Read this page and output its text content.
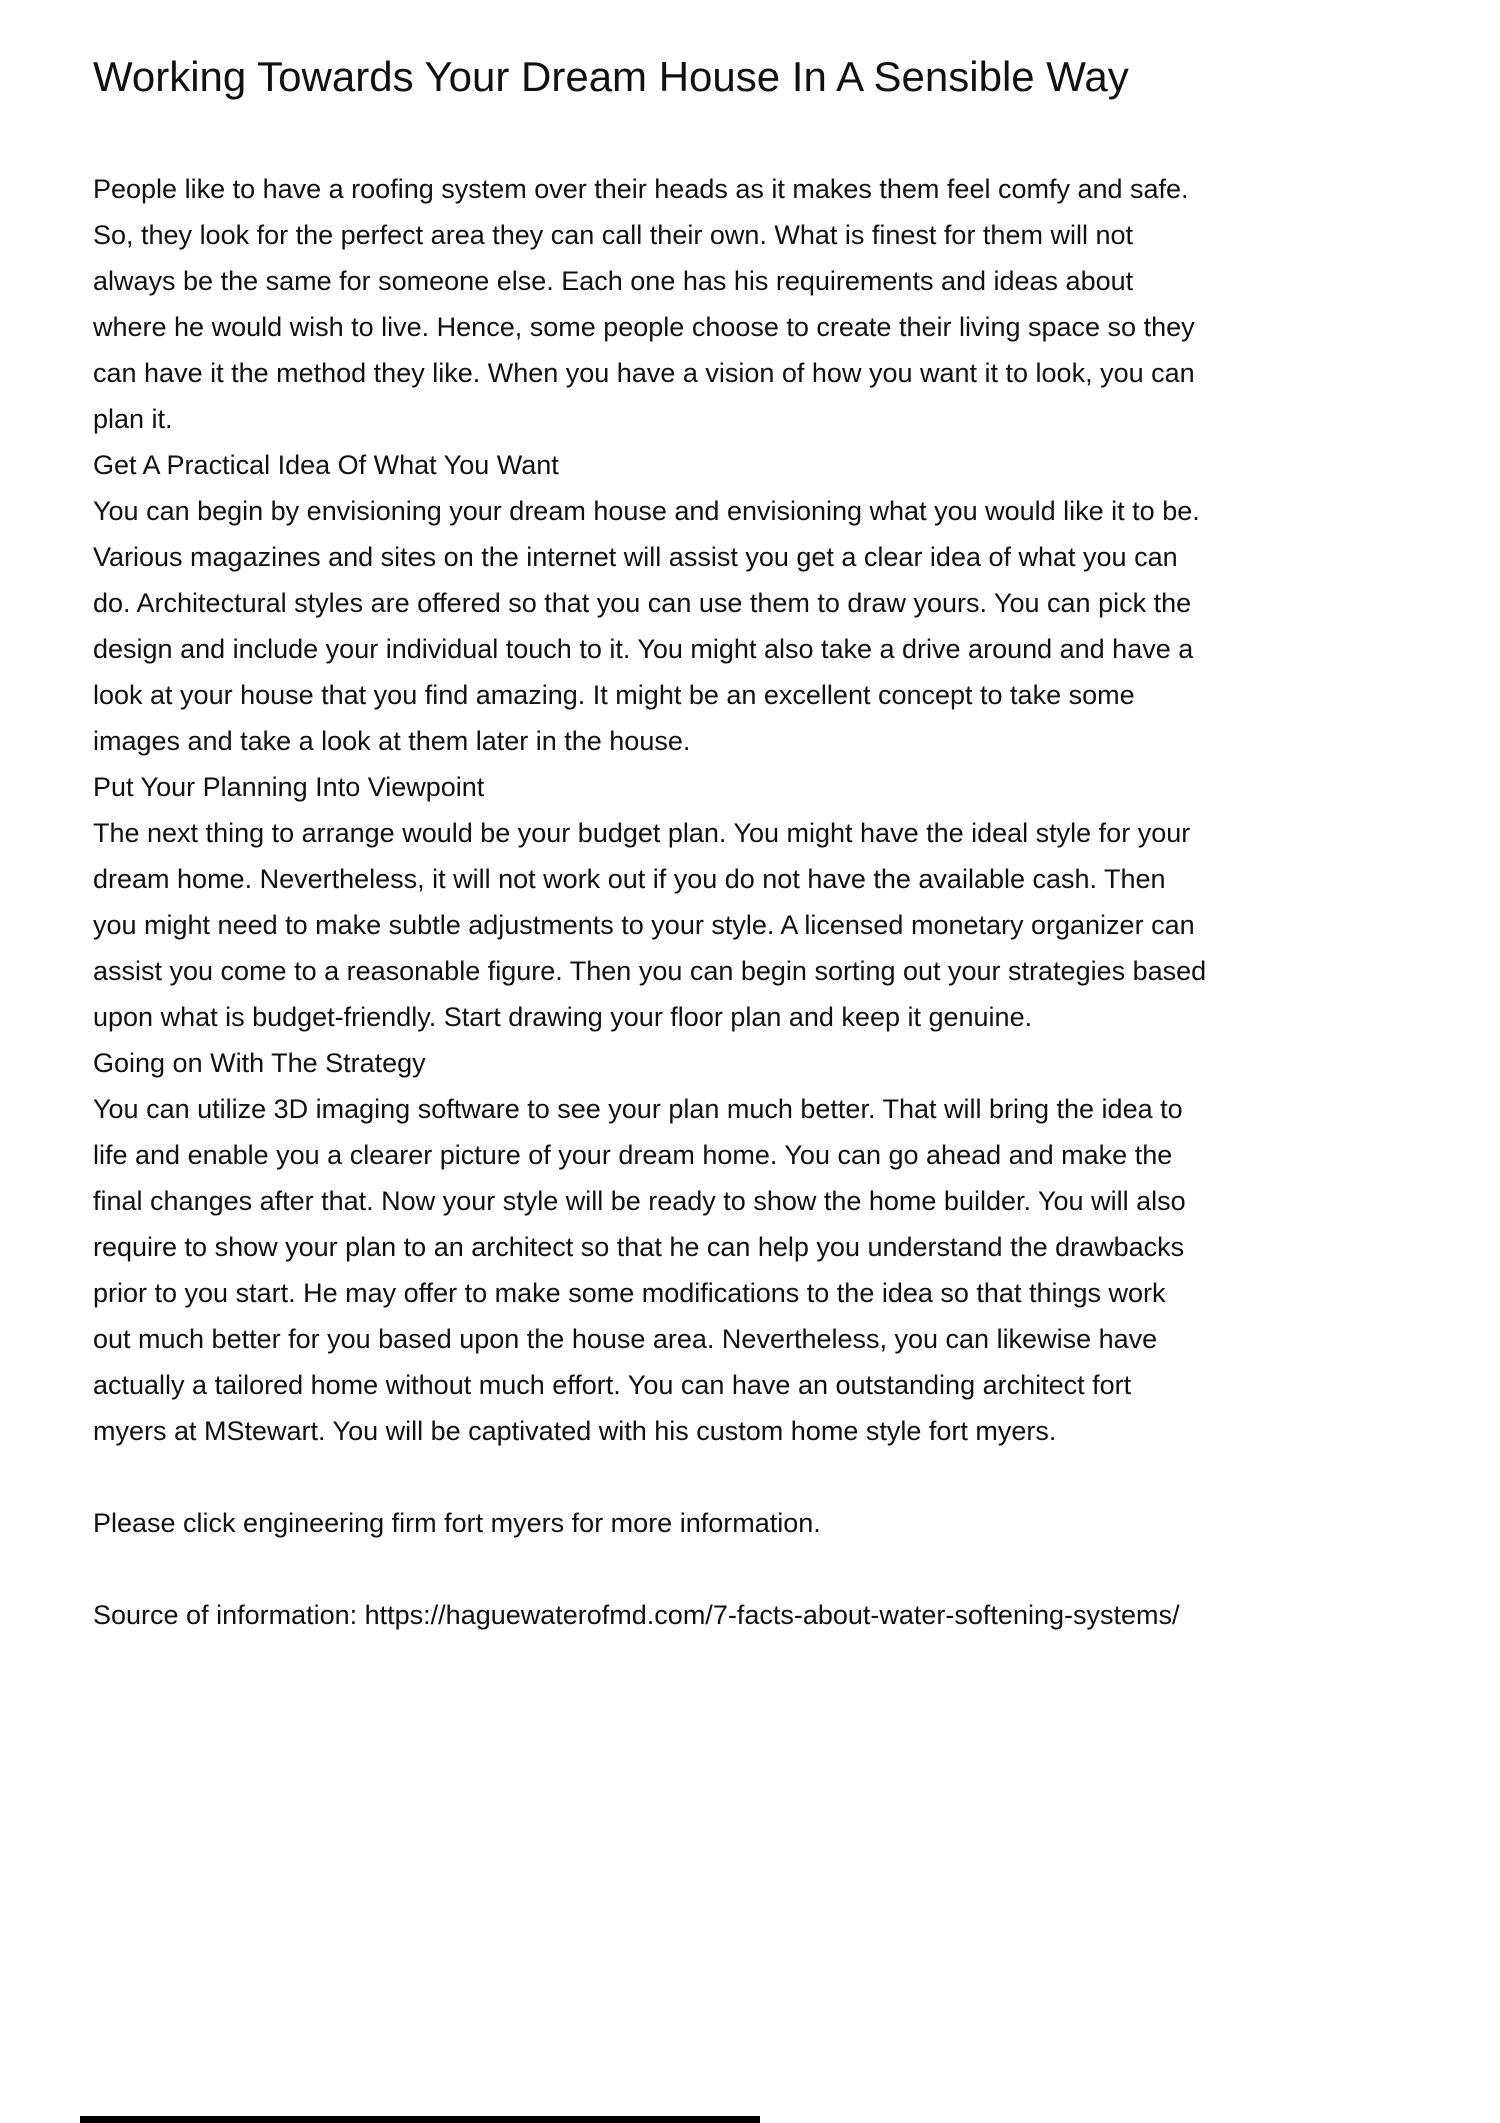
Working Towards Your Dream House In A Sensible Way
People like to have a roofing system over their heads as it makes them feel comfy and safe.
So, they look for the perfect area they can call their own. What is finest for them will not
always be the same for someone else. Each one has his requirements and ideas about
where he would wish to live. Hence, some people choose to create their living space so they
can have it the method they like. When you have a vision of how you want it to look, you can
plan it.
Get A Practical Idea Of What You Want
You can begin by envisioning your dream house and envisioning what you would like it to be.
Various magazines and sites on the internet will assist you get a clear idea of what you can
do. Architectural styles are offered so that you can use them to draw yours. You can pick the
design and include your individual touch to it. You might also take a drive around and have a
look at your house that you find amazing. It might be an excellent concept to take some
images and take a look at them later in the house.
Put Your Planning Into Viewpoint
The next thing to arrange would be your budget plan. You might have the ideal style for your
dream home. Nevertheless, it will not work out if you do not have the available cash. Then
you might need to make subtle adjustments to your style. A licensed monetary organizer can
assist you come to a reasonable figure. Then you can begin sorting out your strategies based
upon what is budget-friendly. Start drawing your floor plan and keep it genuine.
Going on With The Strategy
You can utilize 3D imaging software to see your plan much better. That will bring the idea to
life and enable you a clearer picture of your dream home. You can go ahead and make the
final changes after that. Now your style will be ready to show the home builder. You will also
require to show your plan to an architect so that he can help you understand the drawbacks
prior to you start. He may offer to make some modifications to the idea so that things work
out much better for you based upon the house area. Nevertheless, you can likewise have
actually a tailored home without much effort. You can have an outstanding architect fort
myers at MStewart. You will be captivated with his custom home style fort myers.
Please click engineering firm fort myers for more information.
Source of information: https://haguewaterofmd.com/7-facts-about-water-softening-systems/
